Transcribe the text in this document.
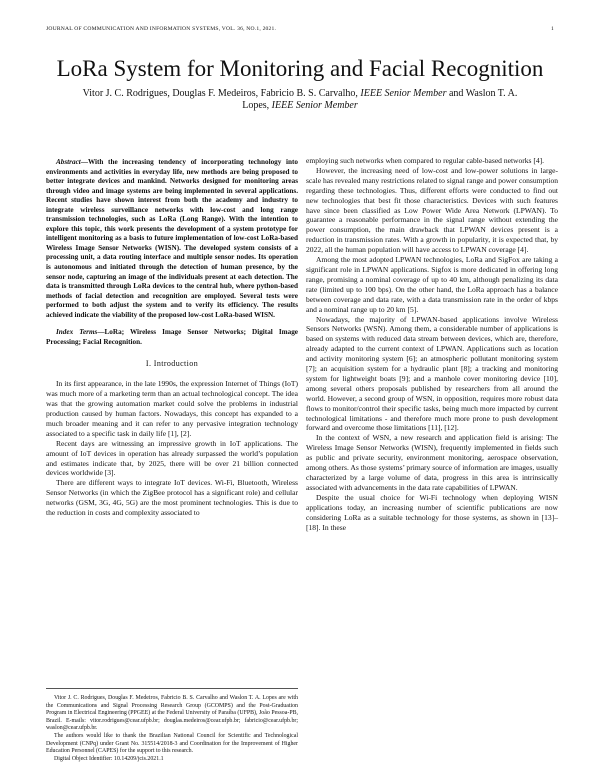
JOURNAL OF COMMUNICATION AND INFORMATION SYSTEMS, VOL. 36, NO.1, 2021.	1
LoRa System for Monitoring and Facial Recognition
Vitor J. C. Rodrigues, Douglas F. Medeiros, Fabricio B. S. Carvalho, IEEE Senior Member and Waslon T. A.
Lopes, IEEE Senior Member

Abstract—With the increasing tendency of incorporating technology into environments and activities in everyday life, new methods are being proposed to better integrate devices and mankind. Networks designed for monitoring areas through video and image systems are being implemented in several applications. Recent studies have shown interest from both the academy and industry to integrate wireless surveillance networks with low-cost and long range transmission technologies, such as LoRa (Long Range). With the intention to explore this topic, this work presents the development of a system prototype for intelligent monitoring as a basis to future implementation of low-cost LoRa-based Wireless Image Sensor Networks (WISN). The developed system consists of a processing unit, a data routing interface and multiple sensor nodes. Its operation is autonomous and initiated through the detection of human presence, by the sensor node, capturing an image of the individuals present at each detection. The data is transmitted through LoRa devices to the central hub, where python-based methods of facial detection and recognition are employed. Several tests were performed to both adjust the system and to verify its efficiency. The results achieved indicate the viability of the proposed low-cost LoRa-based WISN.

Index Terms—LoRa; Wireless Image Sensor Networks; Digital Image Processing; Facial Recognition.

I. Introduction

In its first appearance, in the late 1990s, the expression Internet of Things (IoT) was much more of a marketing term than an actual technological concept. The idea was that the growing automation market could solve the problems in industrial production caused by human factors. Nowadays, this concept has expanded to a much broader meaning and it can refer to any pervasive integration technology associated to a specific task in daily life [1], [2].

Recent days are witnessing an impressive growth in IoT applications. The amount of IoT devices in operation has already surpassed the world’s population and estimates indicate that, by 2025, there will be over 21 billion connected devices worldwide [3].

There are different ways to integrate IoT devices. Wi-Fi, Bluetooth, Wireless Sensor Networks (in which the ZigBee protocol has a significant role) and cellular networks (GSM, 3G, 4G, 5G) are the most prominent technologies. This is due to the reduction in costs and complexity associated to

Vitor J. C. Rodrigues, Douglas F. Medeiros, Fabricio B. S. Carvalho and Waslon T. A. Lopes are with the Communications and Signal Processing Research Group (GCOMPS) and the Post-Graduation Program in Electrical Engineering (PPGEE) at the Federal University of Paraíba (UFPB), João Pessoa-PB, Brazil. E-mails: vitor.rodrigues@cear.ufpb.br; douglas.medeiros@cear.ufpb.br; fabricio@cear.ufpb.br; waslon@cear.ufpb.br.

The authors would like to thank the Brazilian National Council for Scientific and Technological Development (CNPq) under Grant No. 315514/2018-3 and Coordination for the Improvement of Higher Education Personnel (CAPES) for the support to this research.

Digital Object Identifier: 10.14209/jcis.2021.1

employing such networks when compared to regular cable-based networks [4].

However, the increasing need of low-cost and low-power solutions in large-scale has revealed many restrictions related to signal range and power consumption regarding these technologies. Thus, different efforts were conducted to find out new technologies that best fit those characteristics. Devices with such features have since been classified as Low Power Wide Area Network (LPWAN). To guarantee a reasonable performance in the signal range without extending the power consumption, the main drawback that LPWAN devices present is a reduction in transmission rates. With a growth in popularity, it is expected that, by 2022, all the human population will have access to LPWAN coverage [4].

Among the most adopted LPWAN technologies, LoRa and SigFox are taking a significant role in LPWAN applications. Sigfox is more dedicated in offering long range, promising a nominal coverage of up to 40 km, although penalizing its data rate (limited up to 100 bps). On the other hand, the LoRa approach has a balance between coverage and data rate, with a data transmission rate in the order of kbps and a nominal range up to 20 km [5].

Nowadays, the majority of LPWAN-based applications involve Wireless Sensors Networks (WSN). Among them, a considerable number of applications is based on systems with reduced data stream between devices, which are, therefore, already adapted to the current context of LPWAN. Applications such as location and activity monitoring system [6]; an atmospheric pollutant monitoring system [7]; an acquisition system for a hydraulic plant [8]; a tracking and monitoring system for lightweight boats [9]; and a manhole cover monitoring device [10], among several others proposals published by researchers from all around the world. However, a second group of WSN, in opposition, requires more robust data flows to monitor/control their specific tasks, being much more impacted by current technological limitations - and therefore much more prone to push development forward and overcome those limitations [11], [12].

In the context of WSN, a new research and application field is arising: The Wireless Image Sensor Networks (WISN), frequently implemented in fields such as public and private security, environment monitoring, aerospace observation, among others. As those systems’ primary source of information are images, usually characterized by a large volume of data, progress in this area is intrinsically associated with advancements in the data rate capabilities of LPWAN.

Despite the usual choice for Wi-Fi technology when deploying WISN applications today, an increasing number of scientific publications are now considering LoRa as a suitable technology for those systems, as shown in [13]–[18]. In these
